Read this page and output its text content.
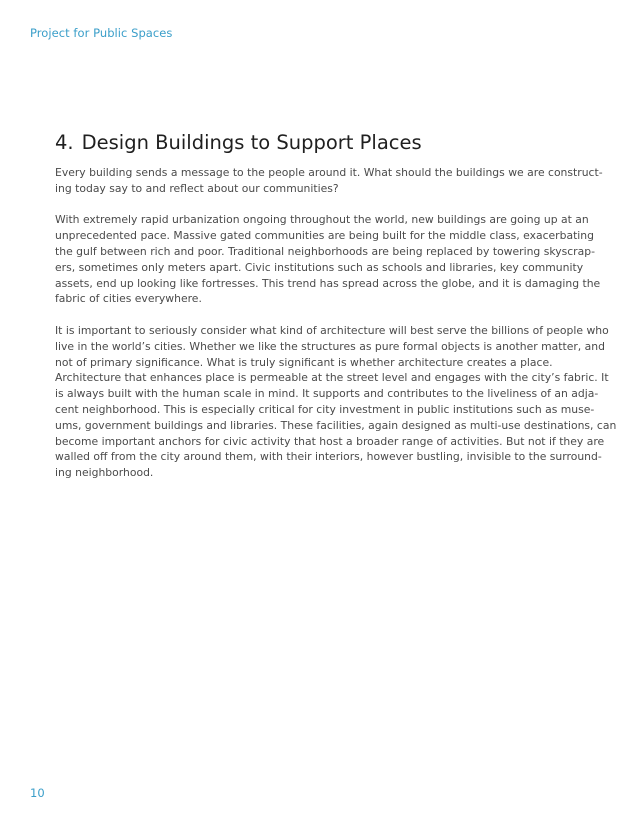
Project for Public Spaces
4. Design Buildings to Support Places

Every building sends a message to the people around it. What should the buildings we are construct-
ing today say to and reflect about our communities?

With extremely rapid urbanization ongoing throughout the world, new buildings are going up at an
unprecedented pace. Massive gated communities are being built for the middle class, exacerbating
the gulf between rich and poor. Traditional neighborhoods are being replaced by towering skyscrap-
ers, sometimes only meters apart. Civic institutions such as schools and libraries, key community
assets, end up looking like fortresses. This trend has spread across the globe, and it is damaging the
fabric of cities everywhere.

It is important to seriously consider what kind of architecture will best serve the billions of people who
live in the world’s cities. Whether we like the structures as pure formal objects is another matter, and
not of primary significance. What is truly significant is whether architecture creates a place.
Architecture that enhances place is permeable at the street level and engages with the city’s fabric. It
is always built with the human scale in mind. It supports and contributes to the liveliness of an adja-
cent neighborhood. This is especially critical for city investment in public institutions such as muse-
ums, government buildings and libraries. These facilities, again designed as multi-use destinations, can
become important anchors for civic activity that host a broader range of activities. But not if they are
walled off from the city around them, with their interiors, however bustling, invisible to the surround-
ing neighborhood.

10
